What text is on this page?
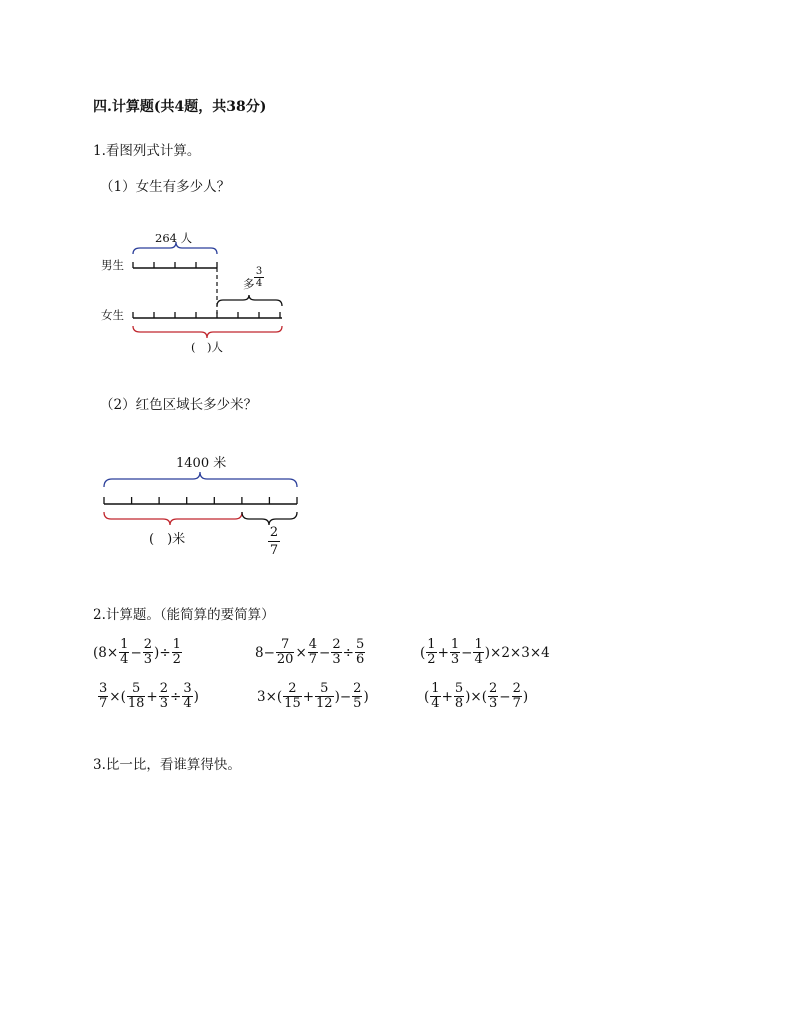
四.计算题(共4题，共38分)
1.看图列式计算。
（1）女生有多少人？
264 人
男生
女生
多 $\frac{3}{4}$
(　)人
（2）红色区域长多少米？
1400 米
(　)米	$\frac{2}{7}$
2.计算题。（能简算的要简算）
($8\times \frac{1}{4} - \frac{2}{3}$ )÷ $\frac{1}{2}$	$8- \frac{7}{20} \times \frac{4}{7} - \frac{2}{3} \div \frac{5}{6}$	( $\frac{1}{2} + \frac{1}{3} - \frac{1}{4} )\times 2\times 3\times 4$
$\frac{3}{7}$ ×( $\frac{5}{18} + \frac{2}{3} \div \frac{3}{4}$ )	$3\times( \frac{2}{15} + \frac{5}{12}$ )− $\frac{2}{5}$ )	( $\frac{1}{4} + \frac{5}{8}$ )×( $\frac{2}{3} - \frac{2}{7}$ )
3.比一比，看谁算得快。
